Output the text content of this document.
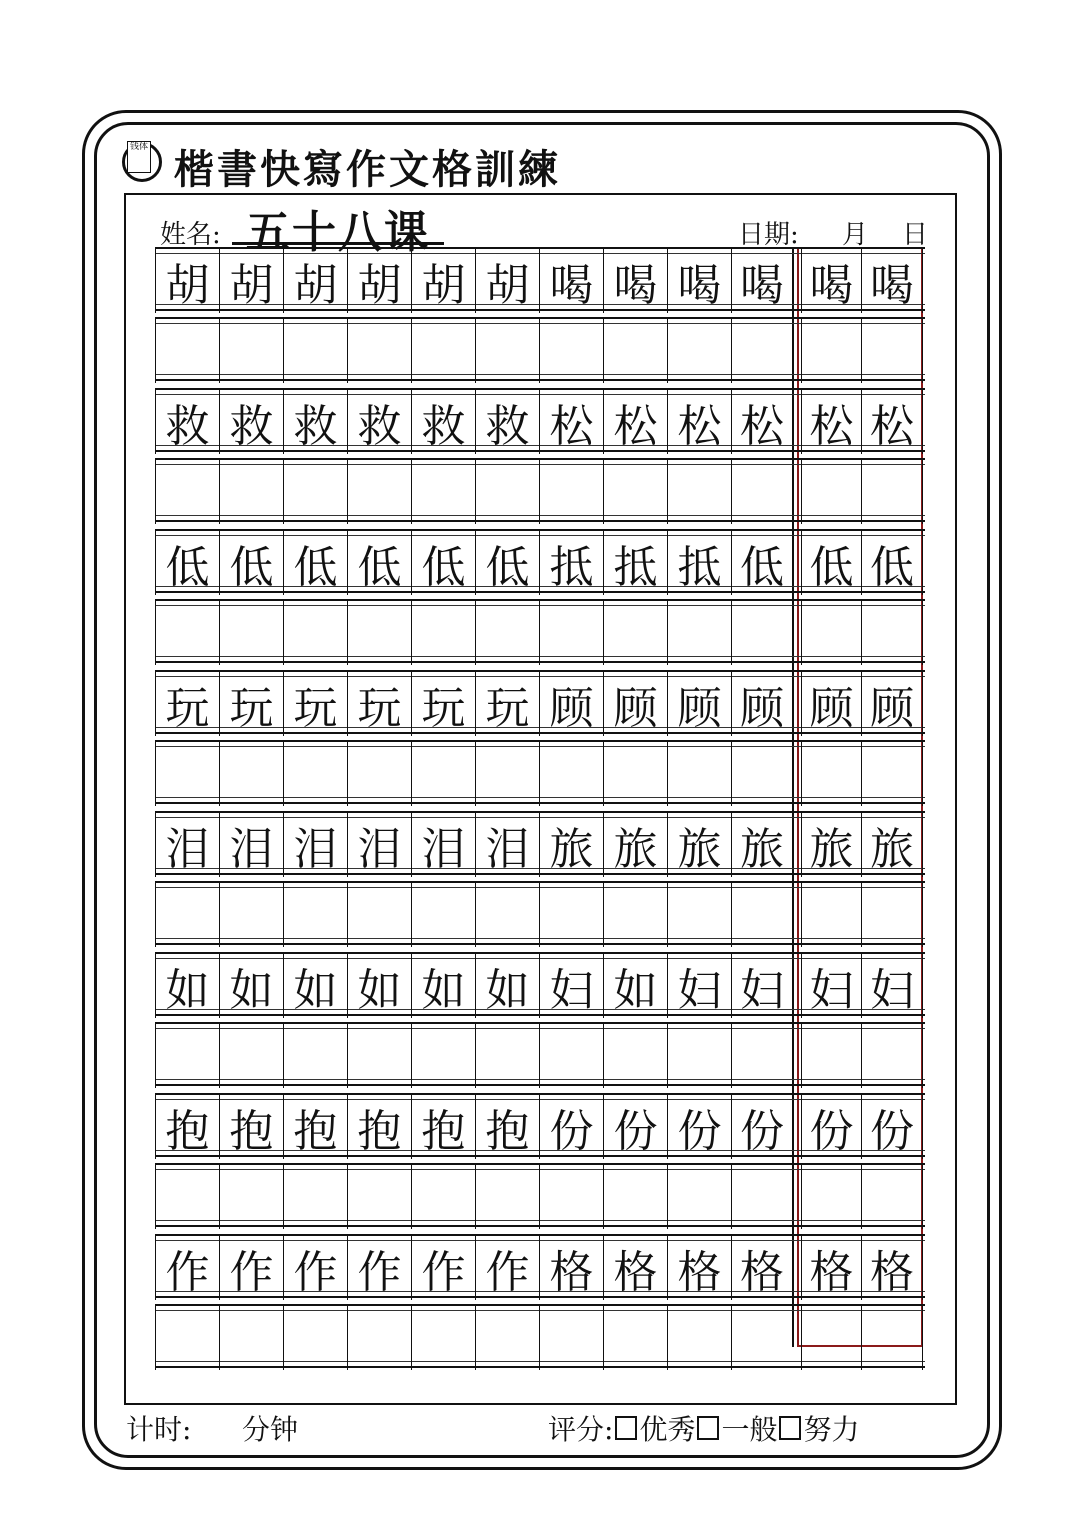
钱体 楷書快寫作文格訓練
姓名: 五十八课	日期: 月 日
胡 胡 胡 胡 胡 胡 喝 喝 喝 喝 喝 喝
救 救 救 救 救 救 松 松 松 松 松 松
低 低 低 低 低 低 抵 抵 抵 低 低 低
玩 玩 玩 玩 玩 玩 顾 顾 顾 顾 顾 顾
泪 泪 泪 泪 泪 泪 旅 旅 旅 旅 旅 旅
如 如 如 如 如 如 妇 如 妇 妇 妇 妇
抱 抱 抱 抱 抱 抱 份 份 份 份 份 份
作 作 作 作 作 作 格 格 格 格 格 格
计时: 分钟	评分: 优秀 一般 努力
